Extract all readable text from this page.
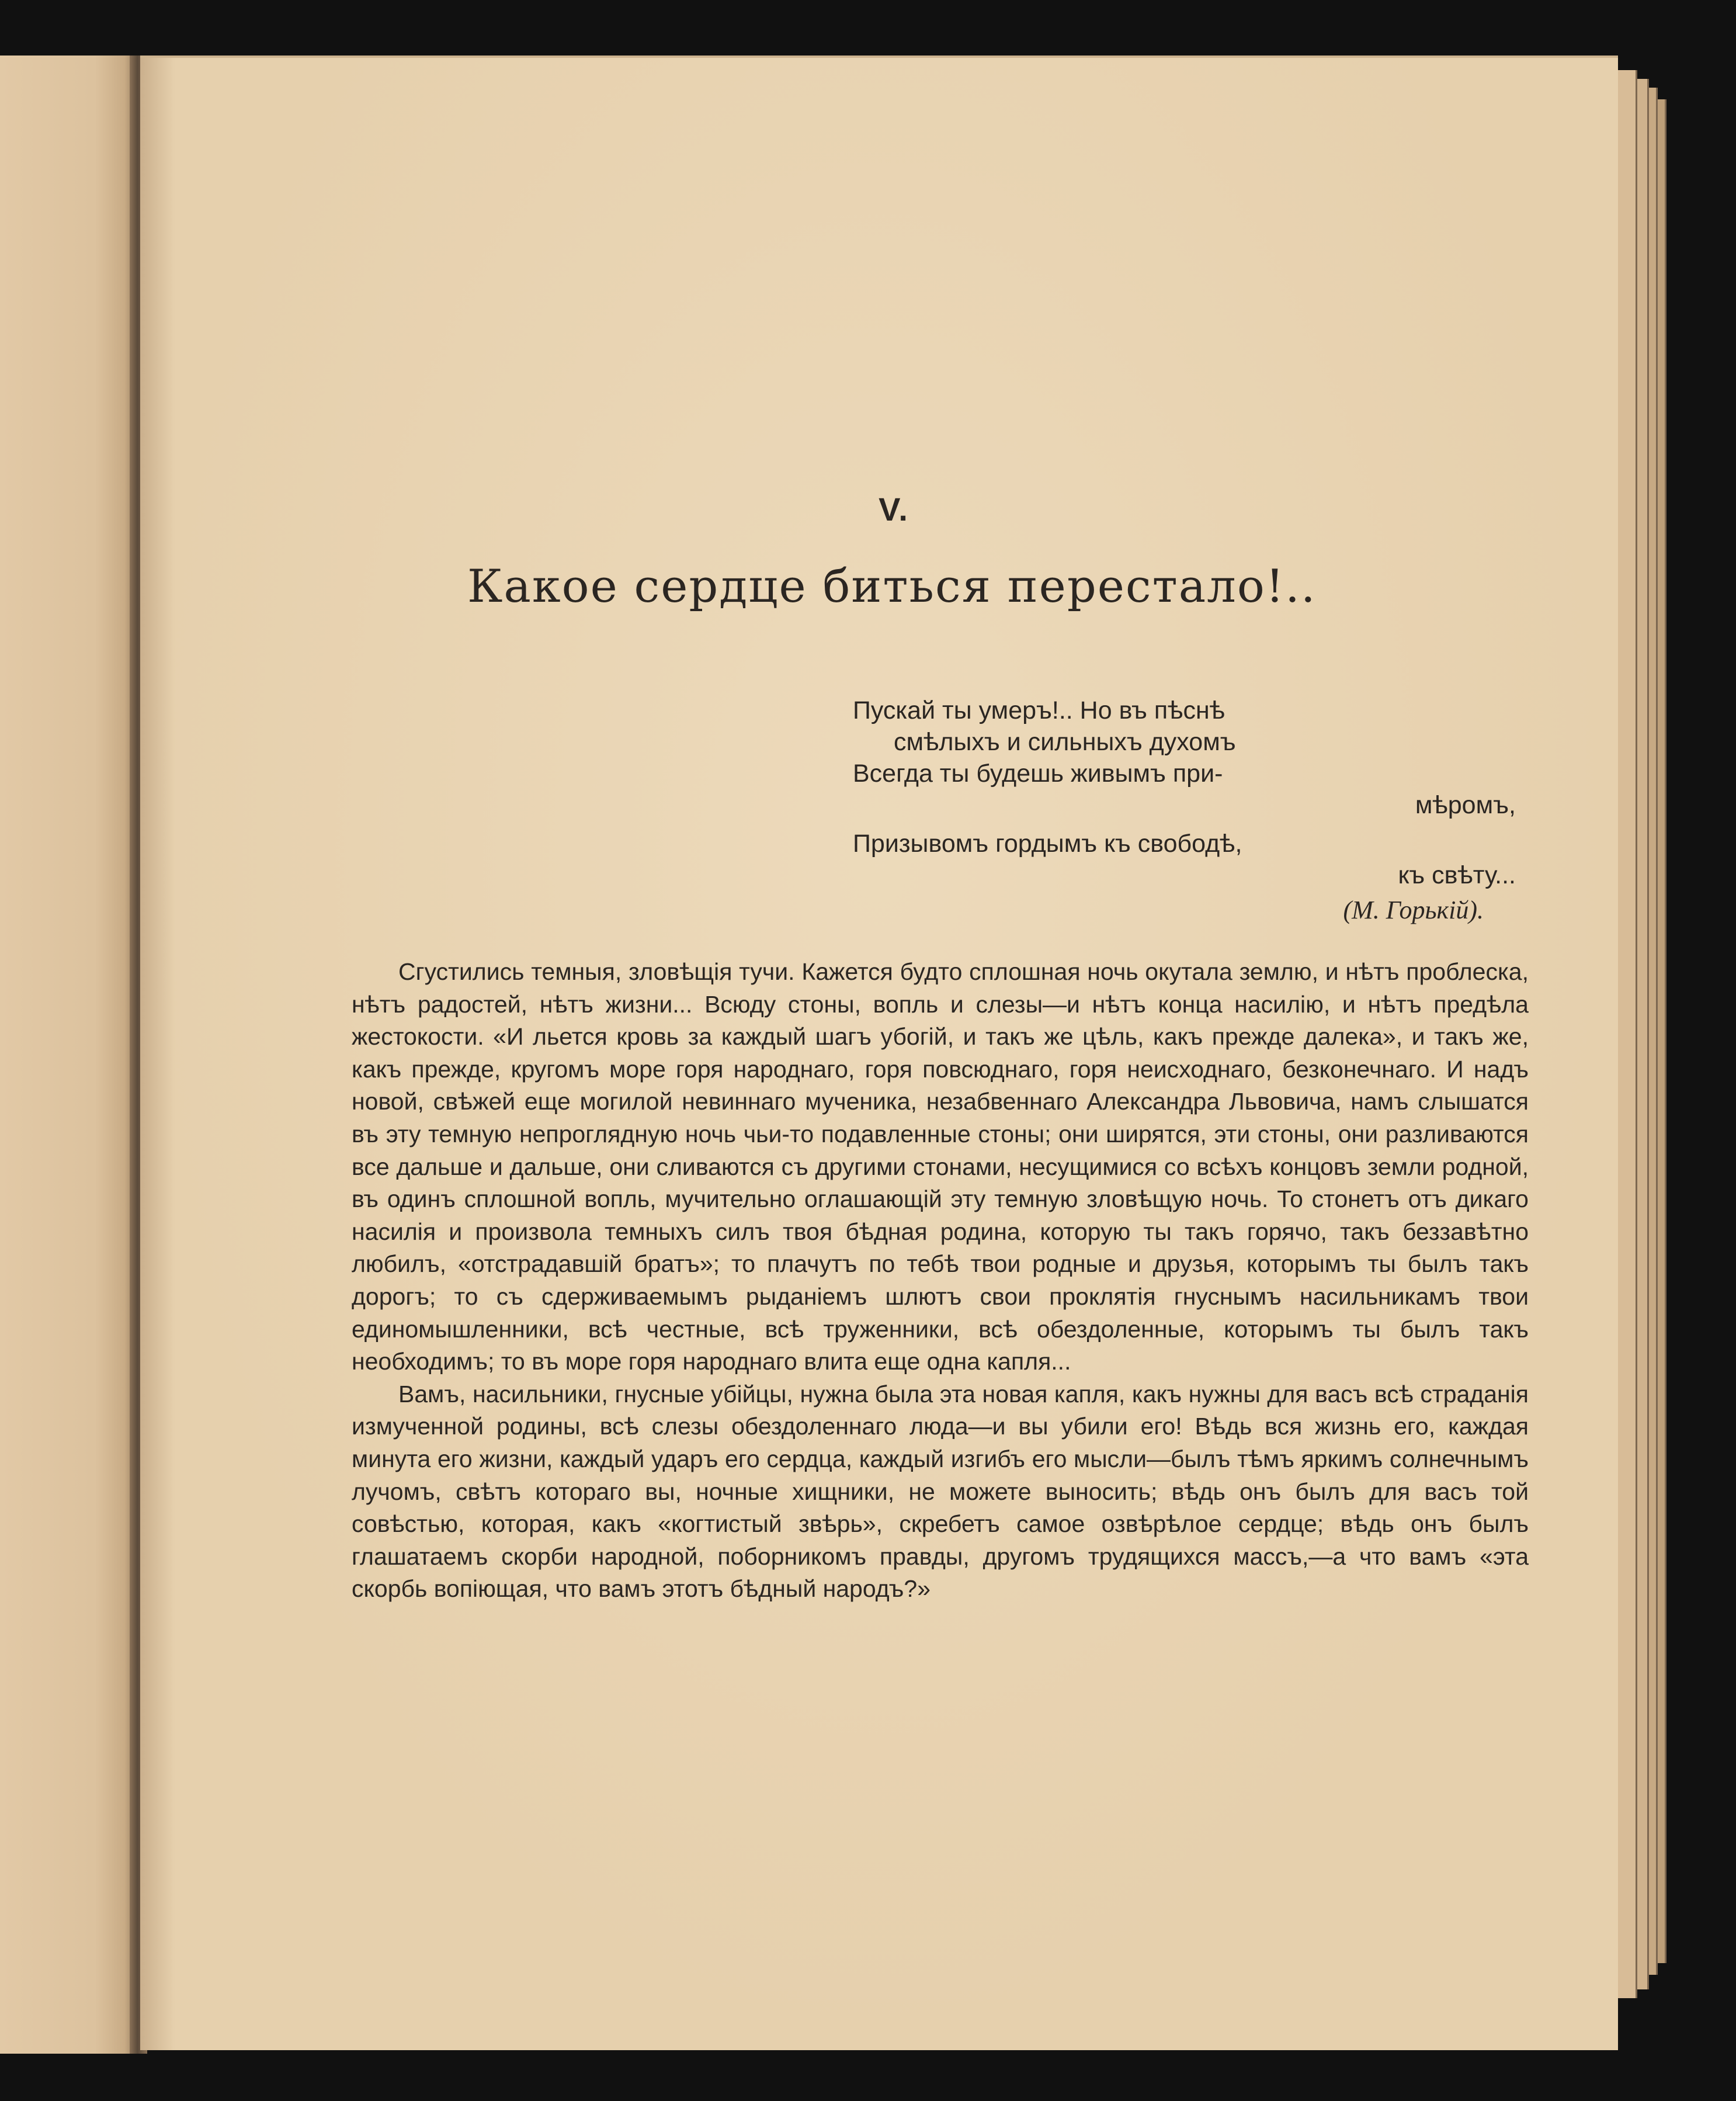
V.
Какое сердце биться перестало!..
Пускай ты умеръ!.. Но въ пѣснѣ
смѣлыхъ и сильныхъ духомъ
Всегда ты будешь живымъ при-
мѣромъ,
Призывомъ гордымъ къ свободѣ,
къ свѣту...
(М. Горькій).

Сгустились темныя, зловѣщія тучи. Кажется будто сплошная ночь окутала землю, и нѣтъ проблеска, нѣтъ радостей, нѣтъ жизни... Всюду стоны, вопль и слезы—и нѣтъ конца насилію, и нѣтъ предѣла жестокости. «И льется кровь за каждый шагъ убогій, и такъ же цѣль, какъ прежде далека», и такъ же, какъ прежде, кругомъ море горя народнаго, горя повсюднаго, горя неисходнаго, безконечнаго. И надъ новой, свѣжей еще могилой невиннаго мученика, незабвеннаго Александра Львовича, намъ слышатся въ эту темную непроглядную ночь чьи-то подавленные стоны; они ширятся, эти стоны, они разливаются все дальше и дальше, они сливаются съ другими стонами, несущимися со всѣхъ концовъ земли родной, въ одинъ сплошной вопль, мучительно оглашающій эту темную зловѣщую ночь. То стонетъ отъ дикаго насилія и произвола темныхъ силъ твоя бѣдная родина, которую ты такъ горячо, такъ беззавѣтно любилъ, «отстрадавшій братъ»; то плачутъ по тебѣ твои родные и друзья, которымъ ты былъ такъ дорогъ; то съ сдерживаемымъ рыданіемъ шлютъ свои проклятія гнуснымъ насильникамъ твои единомышленники, всѣ честные, всѣ труженники, всѣ обездоленные, которымъ ты былъ такъ необходимъ; то въ море горя народнаго влита еще одна капля...

Вамъ, насильники, гнусные убійцы, нужна была эта новая капля, какъ нужны для васъ всѣ страданія измученной родины, всѣ слезы обездоленнаго люда—и вы убили его! Вѣдь вся жизнь его, каждая минута его жизни, каждый ударъ его сердца, каждый изгибъ его мысли—былъ тѣмъ яркимъ солнечнымъ лучомъ, свѣтъ котораго вы, ночные хищники, не можете выносить; вѣдь онъ былъ для васъ той совѣстью, которая, какъ «когтистый звѣрь», скребетъ самое озвѣрѣлое сердце; вѣдь онъ былъ глашатаемъ скорби народной, поборникомъ правды, другомъ трудящихся массъ,—а что вамъ «эта скорбь вопіющая, что вамъ этотъ бѣдный народъ?»
